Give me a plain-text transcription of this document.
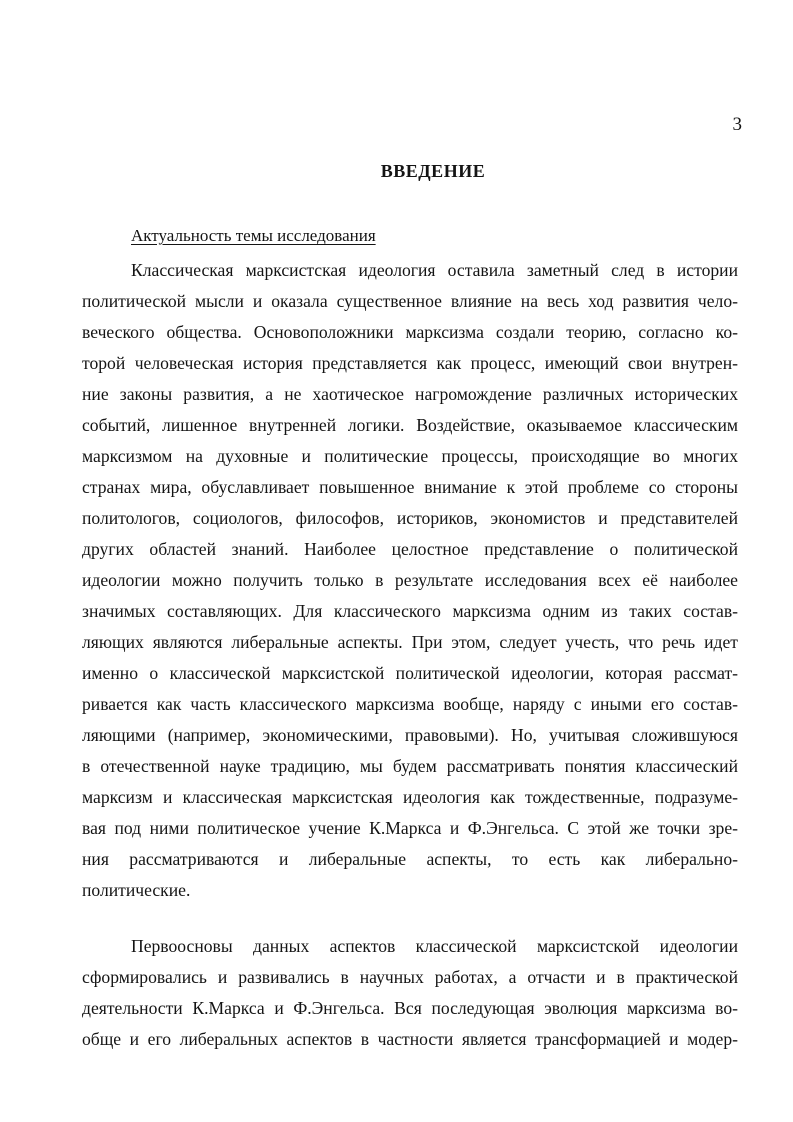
3
ВВЕДЕНИЕ
Актуальность темы исследования
Классическая марксистская идеология оставила заметный след в истории
политической мысли и оказала существенное влияние на весь ход развития чело-
веческого общества. Основоположники марксизма создали теорию, согласно ко-
торой человеческая история представляется как процесс, имеющий свои внутрен-
ние законы развития, а не хаотическое нагромождение различных исторических
событий, лишенное внутренней логики. Воздействие, оказываемое классическим
марксизмом на духовные и политические процессы, происходящие во многих
странах мира, обуславливает повышенное внимание к этой проблеме со стороны
политологов, социологов, философов, историков, экономистов и представителей
других областей знаний. Наиболее целостное представление о политической
идеологии можно получить только в результате исследования всех её наиболее
значимых составляющих. Для классического марксизма одним из таких состав-
ляющих являются либеральные аспекты. При этом, следует учесть, что речь идет
именно о классической марксистской политической идеологии, которая рассмат-
ривается как часть классического марксизма вообще, наряду с иными его состав-
ляющими (например, экономическими, правовыми). Но, учитывая сложившуюся
в отечественной науке традицию, мы будем рассматривать понятия классический
марксизм и классическая марксистская идеология как тождественные, подразуме-
вая под ними политическое учение К.Маркса и Ф.Энгельса. С этой же точки зре-
ния рассматриваются и либеральные аспекты, то есть как либерально-
политические.
Первоосновы данных аспектов классической марксистской идеологии
сформировались и развивались в научных работах, а отчасти и в практической
деятельности К.Маркса и Ф.Энгельса. Вся последующая эволюция марксизма во-
обще и его либеральных аспектов в частности является трансформацией и модер-
